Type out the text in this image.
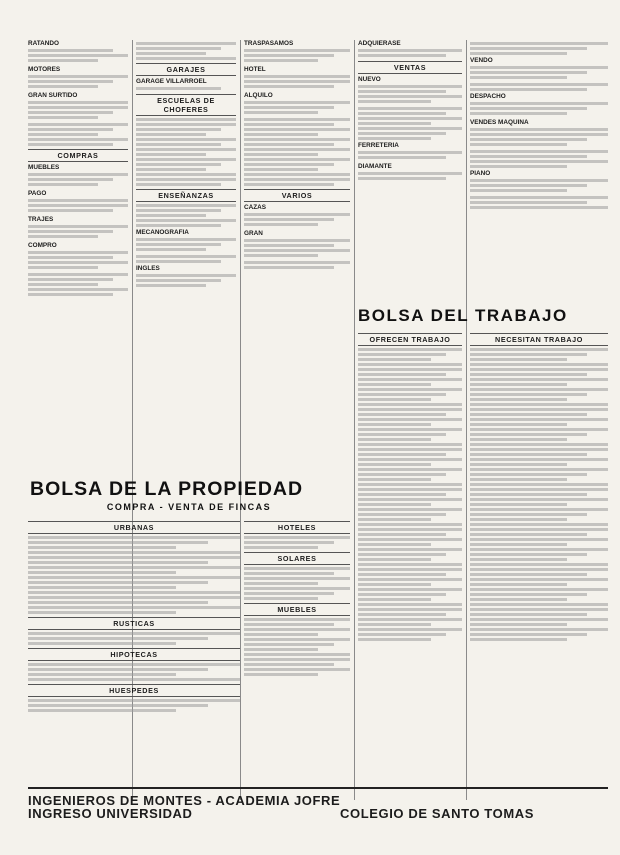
RATANDO
MOTORES
GRAN SURTIDO
COMPRAS
MUEBLES
PAGO
TRAJES
COMPRO
GARAJES
GARAGE VILLARROEL
ESCUELAS DE CHOFERES
ENSEÑANZAS
MECANOGRAFIA
INGLES
TRASPASAMOS
HOTEL
ALQUILO
VARIOS
CAZAS
GRAN
ADQUIERASE
VENTAS
NUEVO
FERRETERIA
DIAMANTE
VENDO
DESPACHO
VENDES MAQUINA
PIANO
BOLSA DEL TRABAJO
OFRECEN TRABAJO	NECESITAN TRABAJO
BOLSA DE LA PROPIEDAD
COMPRA - VENTA DE FINCAS
URBANAS
RUSTICAS
HIPOTECAS
HUESPEDES
HOTELES
SOLARES
MUEBLES
INGENIEROS DE MONTES - ACADEMIA JOFRE
INGRESO UNIVERSIDAD	COLEGIO DE SANTO TOMAS
